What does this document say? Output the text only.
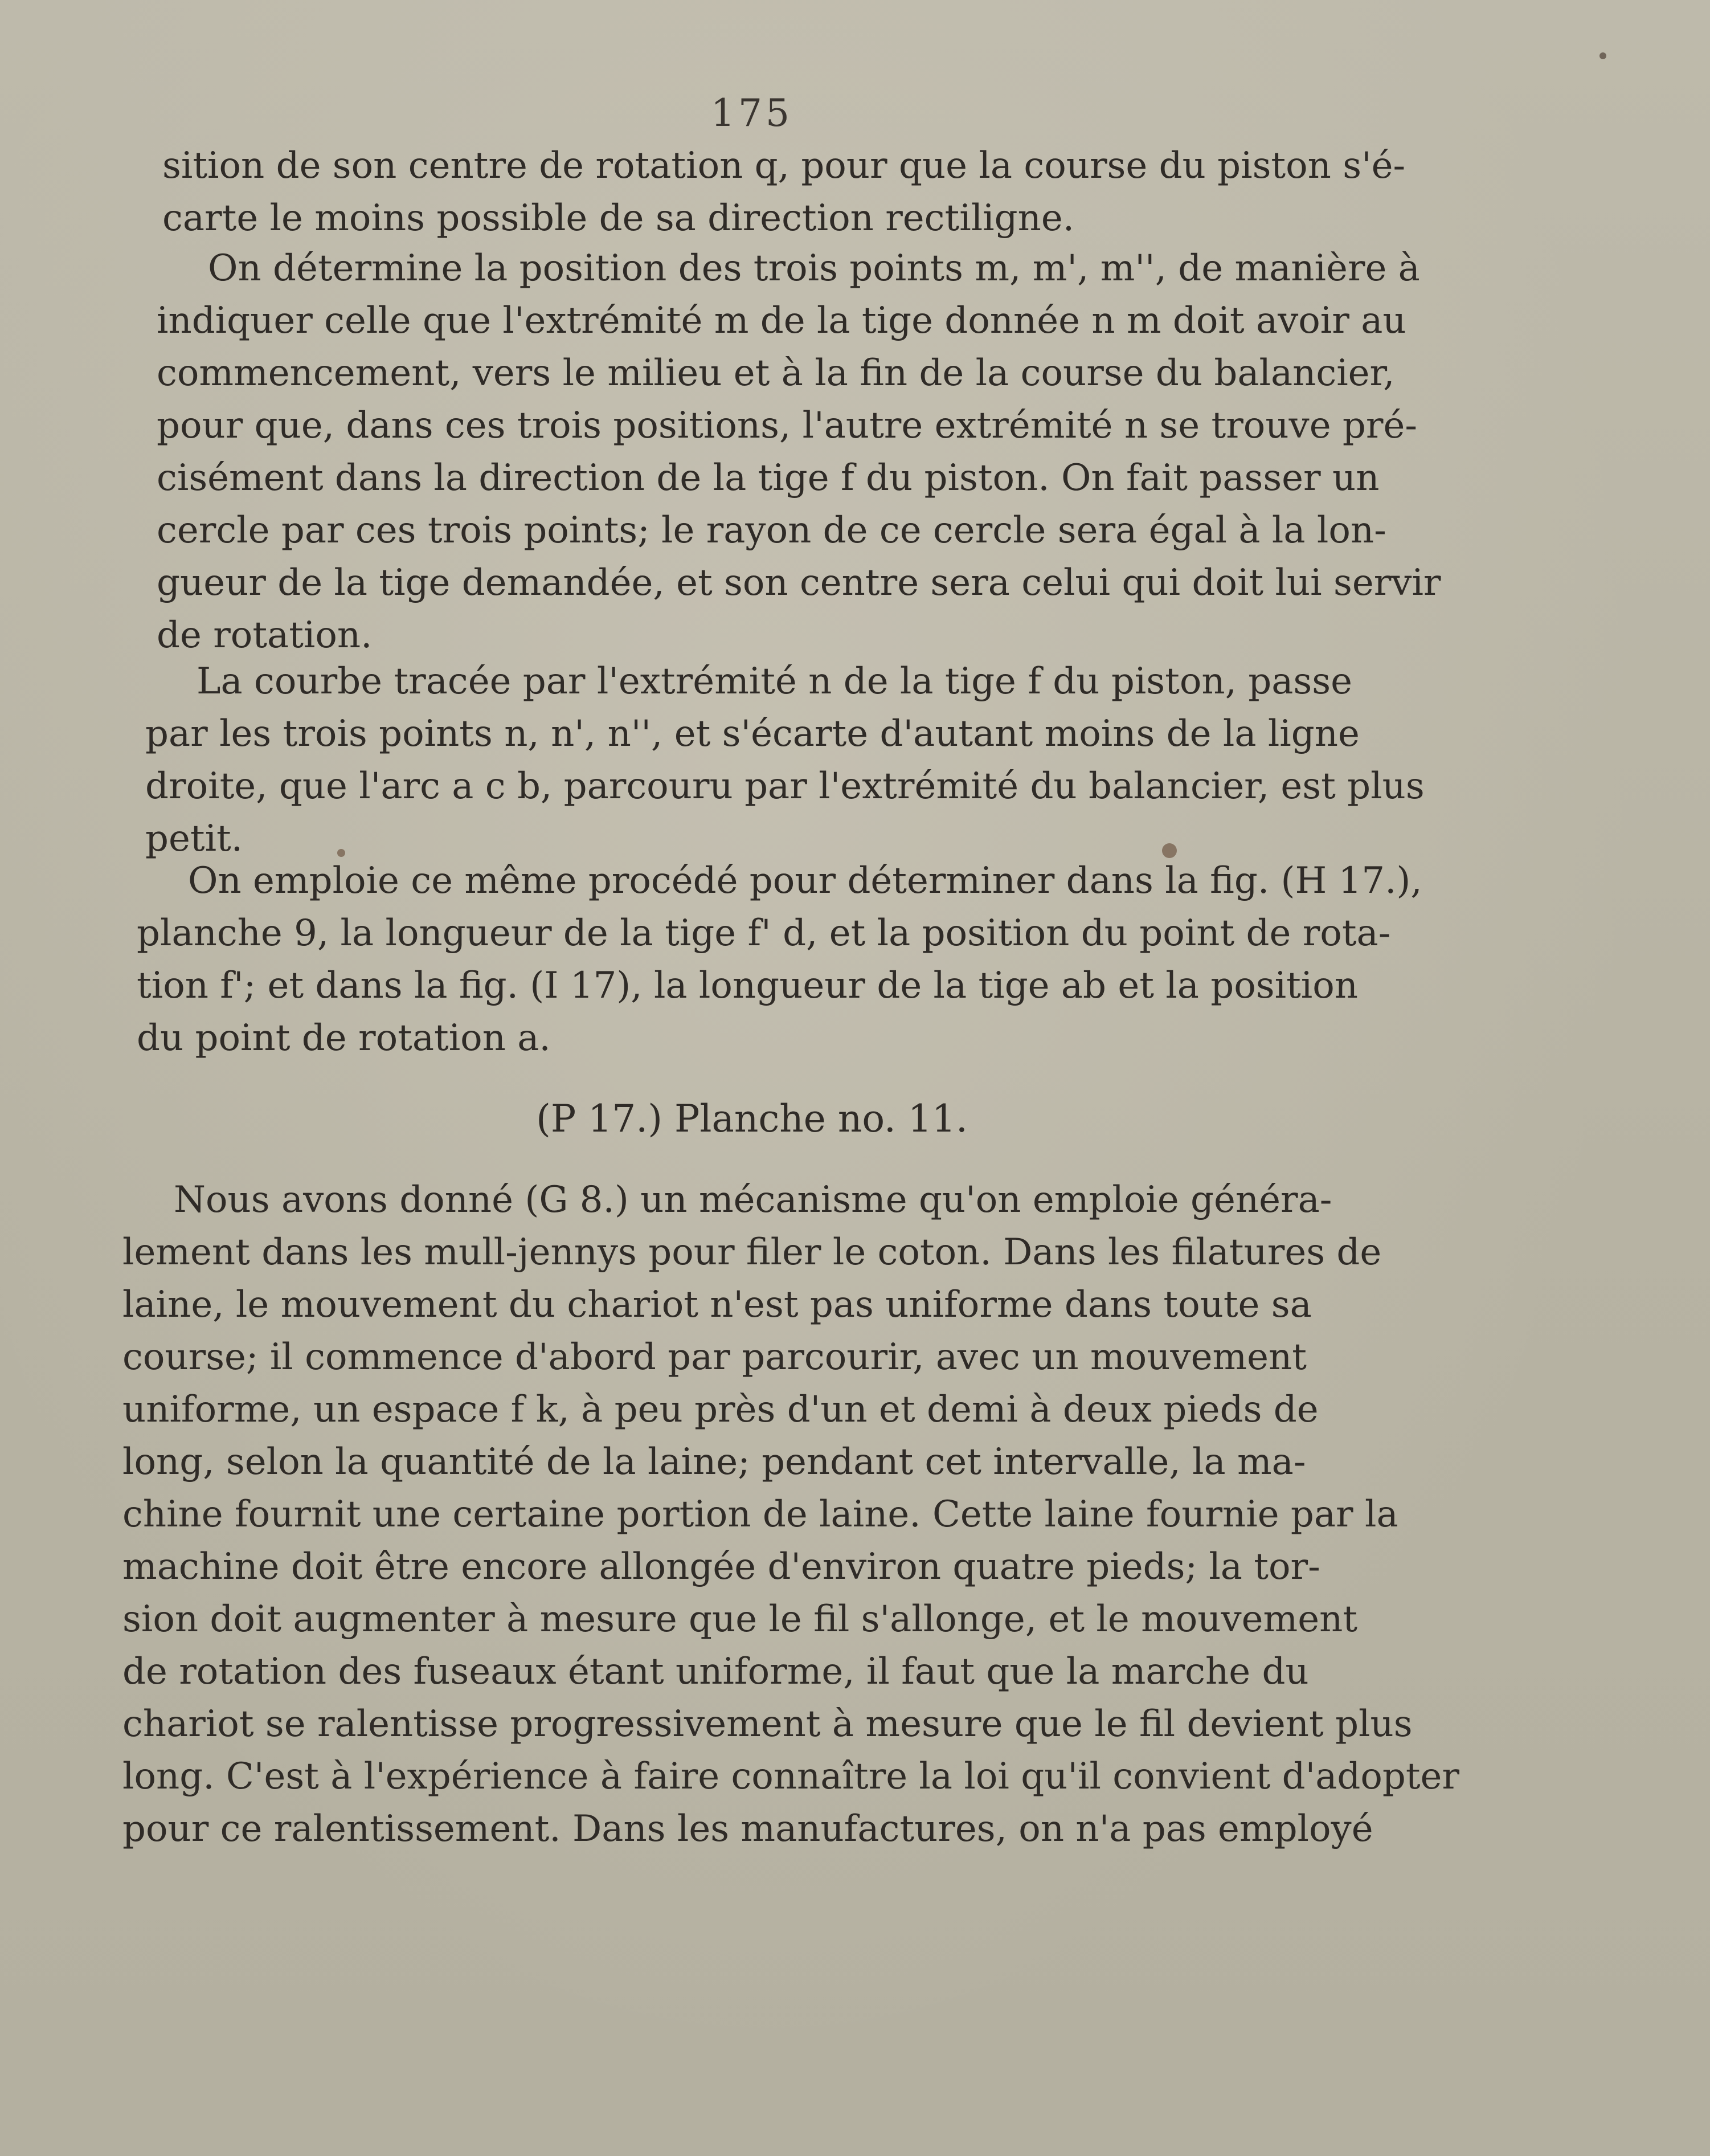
175
sition de son centre de rotation q, pour que la course du piston s'é-
carte le moins possible de sa direction rectiligne.
On détermine la position des trois points m, m', m'', de manière à
indiquer celle que l'extrémité m de la tige donnée n m doit avoir au
commencement, vers le milieu et à la fin de la course du balancier,
pour que, dans ces trois positions, l'autre extrémité n se trouve pré-
cisément dans la direction de la tige f du piston. On fait passer un
cercle par ces trois points; le rayon de ce cercle sera égal à la lon-
gueur de la tige demandée, et son centre sera celui qui doit lui servir
de rotation.
La courbe tracée par l'extrémité n de la tige f du piston, passe
par les trois points n, n', n'', et s'écarte d'autant moins de la ligne
droite, que l'arc a c b, parcouru par l'extrémité du balancier, est plus
petit.
On emploie ce même procédé pour déterminer dans la fig. (H 17.),
planche 9, la longueur de la tige f' d, et la position du point de rota-
tion f'; et dans la fig. (I 17), la longueur de la tige ab et la position
du point de rotation a.
(P 17.) Planche no. 11.
Nous avons donné (G 8.) un mécanisme qu'on emploie généra-
lement dans les mull-jennys pour filer le coton. Dans les filatures de
laine, le mouvement du chariot n'est pas uniforme dans toute sa
course; il commence d'abord par parcourir, avec un mouvement
uniforme, un espace f k, à peu près d'un et demi à deux pieds de
long, selon la quantité de la laine; pendant cet intervalle, la ma-
chine fournit une certaine portion de laine. Cette laine fournie par la
machine doit être encore allongée d'environ quatre pieds; la tor-
sion doit augmenter à mesure que le fil s'allonge, et le mouvement
de rotation des fuseaux étant uniforme, il faut que la marche du
chariot se ralentisse progressivement à mesure que le fil devient plus
long. C'est à l'expérience à faire connaître la loi qu'il convient d'adopter
pour ce ralentissement. Dans les manufactures, on n'a pas employé
